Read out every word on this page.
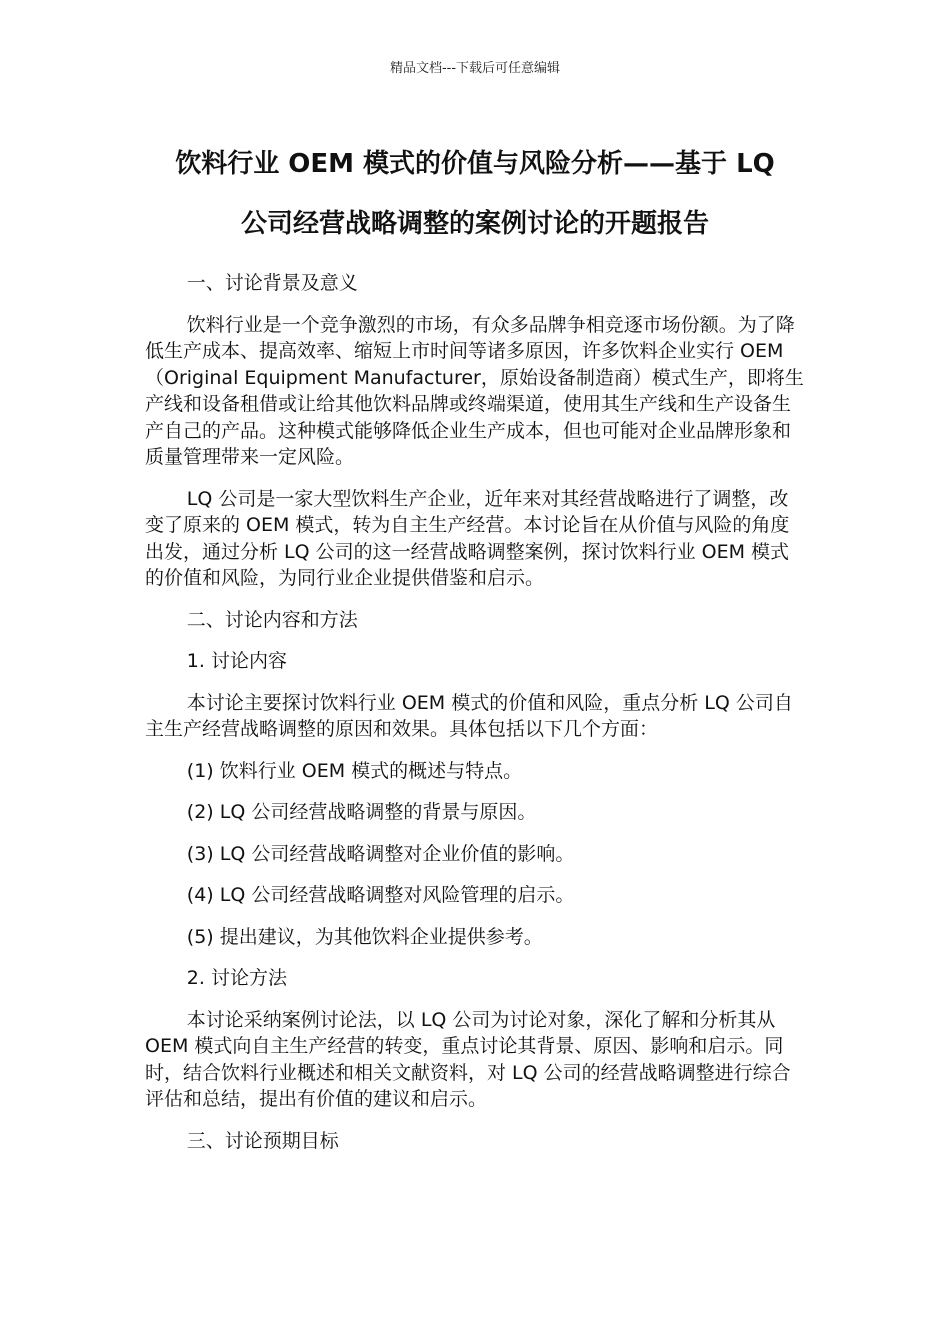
精品文档---下载后可任意编辑
饮料行业 OEM 模式的价值与风险分析——基于 LQ
公司经营战略调整的案例讨论的开题报告

一、讨论背景及意义

饮料行业是一个竞争激烈的市场，有众多品牌争相竞逐市场份额。为了降低生产成本、提高效率、缩短上市时间等诸多原因，许多饮料企业实行 OEM（Original Equipment Manufacturer，原始设备制造商）模式生产，即将生产线和设备租借或让给其他饮料品牌或终端渠道，使用其生产线和生产设备生产自己的产品。这种模式能够降低企业生产成本，但也可能对企业品牌形象和质量管理带来一定风险。

LQ 公司是一家大型饮料生产企业，近年来对其经营战略进行了调整，改变了原来的 OEM 模式，转为自主生产经营。本讨论旨在从价值与风险的角度出发，通过分析 LQ 公司的这一经营战略调整案例，探讨饮料行业 OEM 模式的价值和风险，为同行业企业提供借鉴和启示。

二、讨论内容和方法

1. 讨论内容

本讨论主要探讨饮料行业 OEM 模式的价值和风险，重点分析 LQ 公司自主生产经营战略调整的原因和效果。具体包括以下几个方面：

(1) 饮料行业 OEM 模式的概述与特点。

(2) LQ 公司经营战略调整的背景与原因。

(3) LQ 公司经营战略调整对企业价值的影响。

(4) LQ 公司经营战略调整对风险管理的启示。

(5) 提出建议，为其他饮料企业提供参考。

2. 讨论方法

本讨论采纳案例讨论法，以 LQ 公司为讨论对象，深化了解和分析其从 OEM 模式向自主生产经营的转变，重点讨论其背景、原因、影响和启示。同时，结合饮料行业概述和相关文献资料，对 LQ 公司的经营战略调整进行综合评估和总结，提出有价值的建议和启示。

三、讨论预期目标
